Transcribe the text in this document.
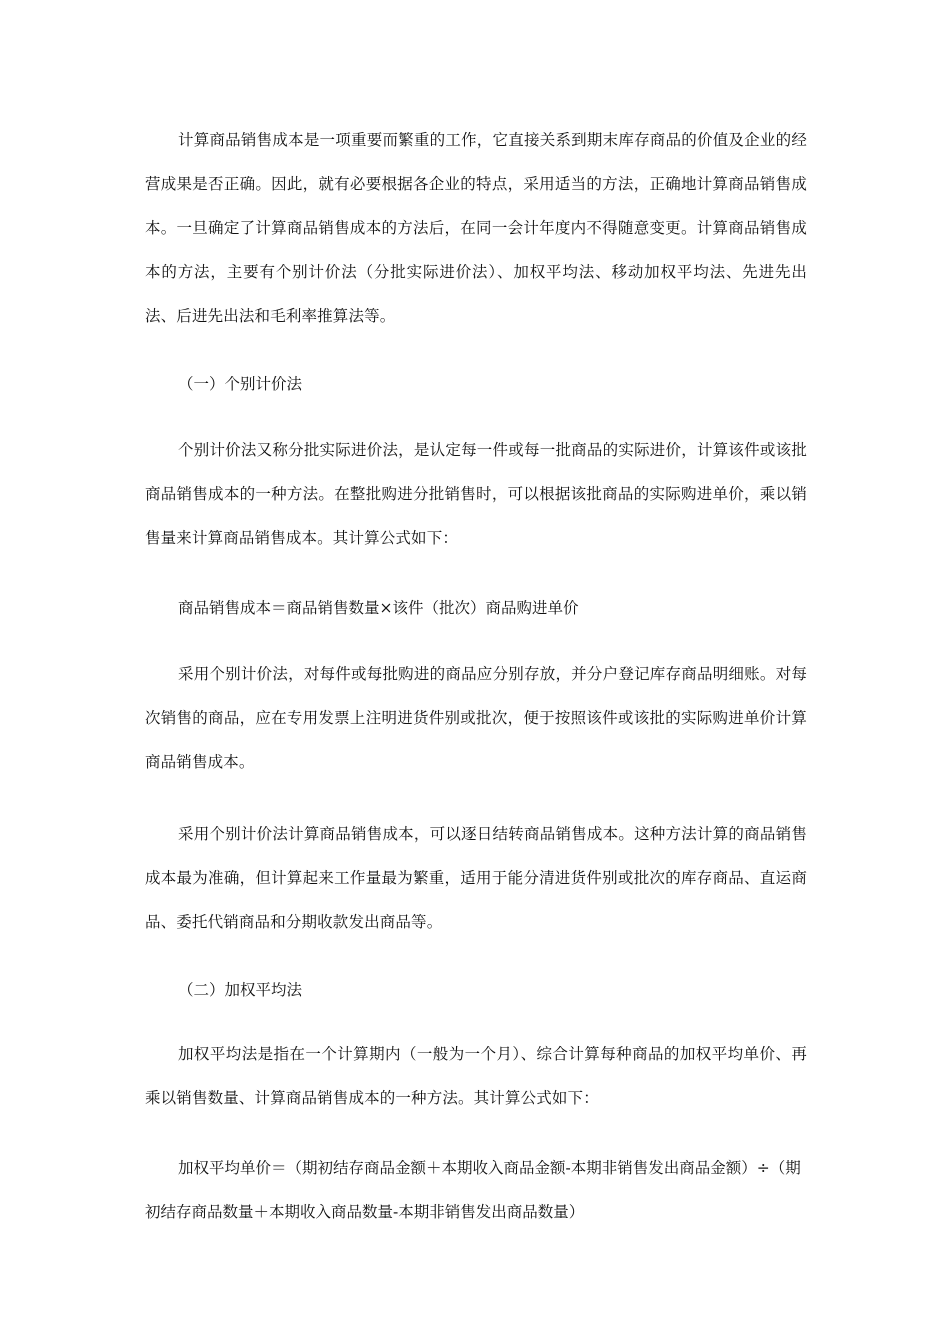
计算商品销售成本是一项重要而繁重的工作，它直接关系到期末库存商品的价值及企业的经营成果是否正确。因此，就有必要根据各企业的特点，采用适当的方法，正确地计算商品销售成本。一旦确定了计算商品销售成本的方法后，在同一会计年度内不得随意变更。计算商品销售成本的方法，主要有个别计价法（分批实际进价法）、加权平均法、移动加权平均法、先进先出法、后进先出法和毛利率推算法等。

（一）个别计价法

个别计价法又称分批实际进价法，是认定每一件或每一批商品的实际进价，计算该件或该批商品销售成本的一种方法。在整批购进分批销售时，可以根据该批商品的实际购进单价，乘以销售量来计算商品销售成本。其计算公式如下：

商品销售成本＝商品销售数量×该件（批次）商品购进单价

采用个别计价法，对每件或每批购进的商品应分别存放，并分户登记库存商品明细账。对每次销售的商品，应在专用发票上注明进货件别或批次，便于按照该件或该批的实际购进单价计算商品销售成本。

采用个别计价法计算商品销售成本，可以逐日结转商品销售成本。这种方法计算的商品销售成本最为准确，但计算起来工作量最为繁重，适用于能分清进货件别或批次的库存商品、直运商品、委托代销商品和分期收款发出商品等。

（二）加权平均法

加权平均法是指在一个计算期内（一般为一个月）、综合计算每种商品的加权平均单价、再乘以销售数量、计算商品销售成本的一种方法。其计算公式如下：

加权平均单价＝（期初结存商品金额＋本期收入商品金额-本期非销售发出商品金额）÷（期初结存商品数量＋本期收入商品数量-本期非销售发出商品数量）
